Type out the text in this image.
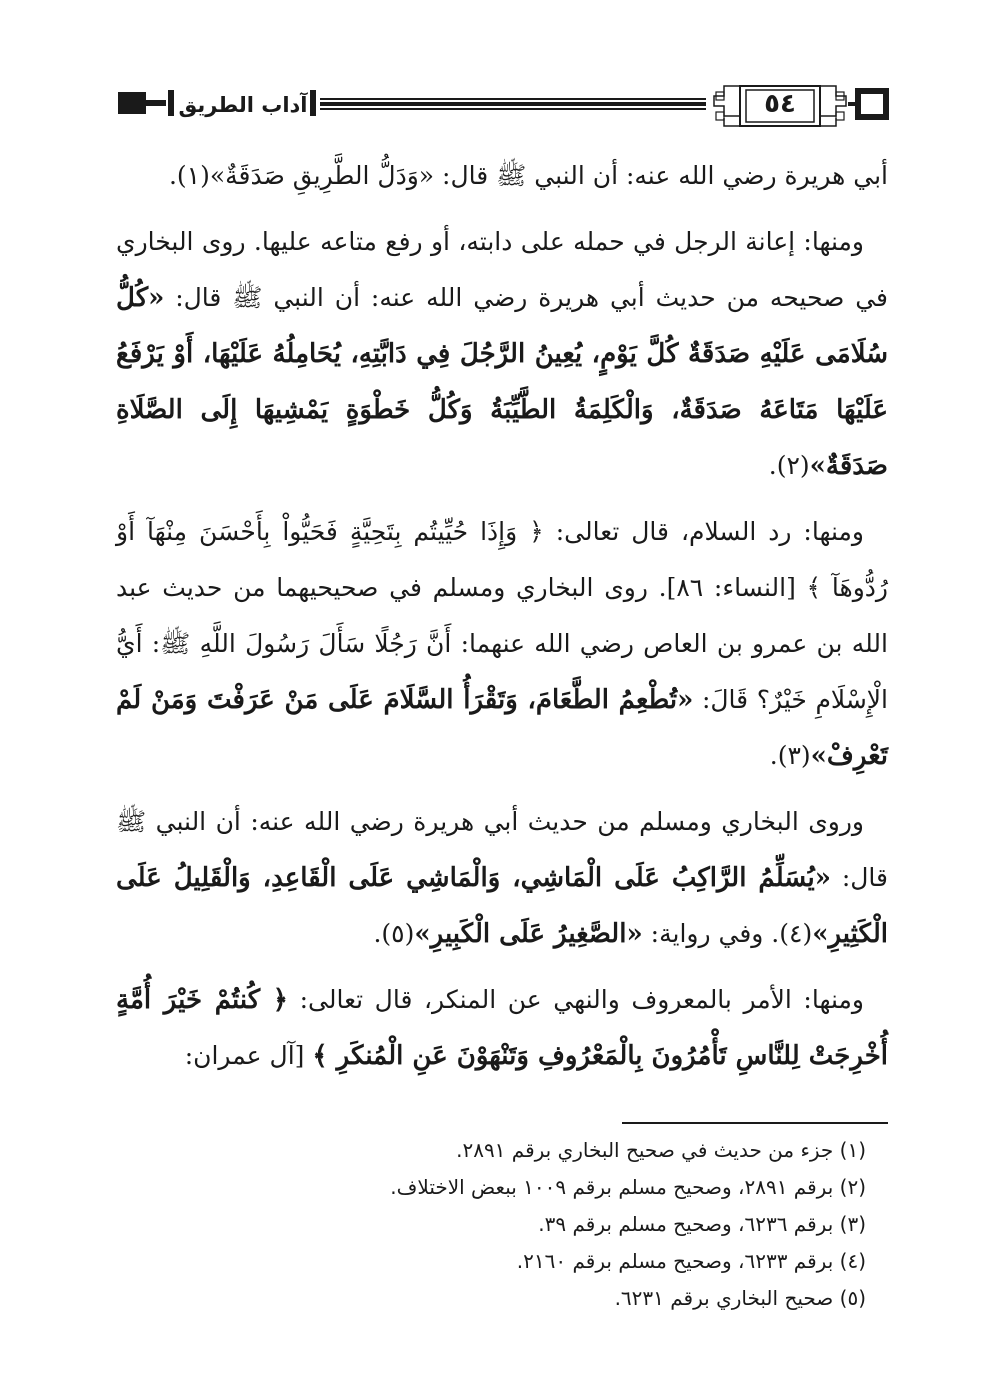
آداب الطريق	٥٤

أبي هريرة رضي الله عنه: أن النبي ﷺ قال: «وَدَلُّ الطَّرِيقِ صَدَقَةٌ»(١).

ومنها: إعانة الرجل في حمله على دابته، أو رفع متاعه عليها. روى البخاري في صحيحه من حديث أبي هريرة رضي الله عنه: أن النبي ﷺ قال: «كُلُّ سُلَامَى عَلَيْهِ صَدَقَةٌ كُلَّ يَوْمٍ، يُعِينُ الرَّجُلَ فِي دَابَّتِهِ، يُحَامِلُهُ عَلَيْهَا، أَوْ يَرْفَعُ عَلَيْهَا مَتَاعَهُ صَدَقَةٌ، وَالْكَلِمَةُ الطَّيِّبَةُ وَكُلُّ خَطْوَةٍ يَمْشِيهَا إِلَى الصَّلَاةِ صَدَقَةٌ»(٢).

ومنها: رد السلام، قال تعالى: ﴿ وَإِذَا حُيِّيتُم بِتَحِيَّةٍ فَحَيُّواْ بِأَحْسَنَ مِنْهَآ أَوْ رُدُّوهَآ ﴾ [النساء: ٨٦]. روى البخاري ومسلم في صحيحيهما من حديث عبد الله بن عمرو بن العاص رضي الله عنهما: أَنَّ رَجُلًا سَأَلَ رَسُولَ اللَّهِ ﷺ: أَيُّ الْإِسْلَامِ خَيْرٌ؟ قَالَ: «تُطْعِمُ الطَّعَامَ، وَتَقْرَأُ السَّلَامَ عَلَى مَنْ عَرَفْتَ وَمَنْ لَمْ تَعْرِفْ»(٣).

وروى البخاري ومسلم من حديث أبي هريرة رضي الله عنه: أن النبي ﷺ قال: «يُسَلِّمُ الرَّاكِبُ عَلَى الْمَاشِي، وَالْمَاشِي عَلَى الْقَاعِدِ، وَالْقَلِيلُ عَلَى الْكَثِيرِ»(٤). وفي رواية: «الصَّغِيرُ عَلَى الْكَبِيرِ»(٥).

ومنها: الأمر بالمعروف والنهي عن المنكر، قال تعالى: ﴿ كُنتُمْ خَيْرَ أُمَّةٍ أُخْرِجَتْ لِلنَّاسِ تَأْمُرُونَ بِالْمَعْرُوفِ وَتَنْهَوْنَ عَنِ الْمُنكَرِ ﴾ [آل عمران:

(١) جزء من حديث في صحيح البخاري برقم ٢٨٩١.
(٢) برقم ٢٨٩١، وصحيح مسلم برقم ١٠٠٩ ببعض الاختلاف.
(٣) برقم ٦٢٣٦، وصحيح مسلم برقم ٣٩.
(٤) برقم ٦٢٣٣، وصحيح مسلم برقم ٢١٦٠.
(٥) صحيح البخاري برقم ٦٢٣١.
